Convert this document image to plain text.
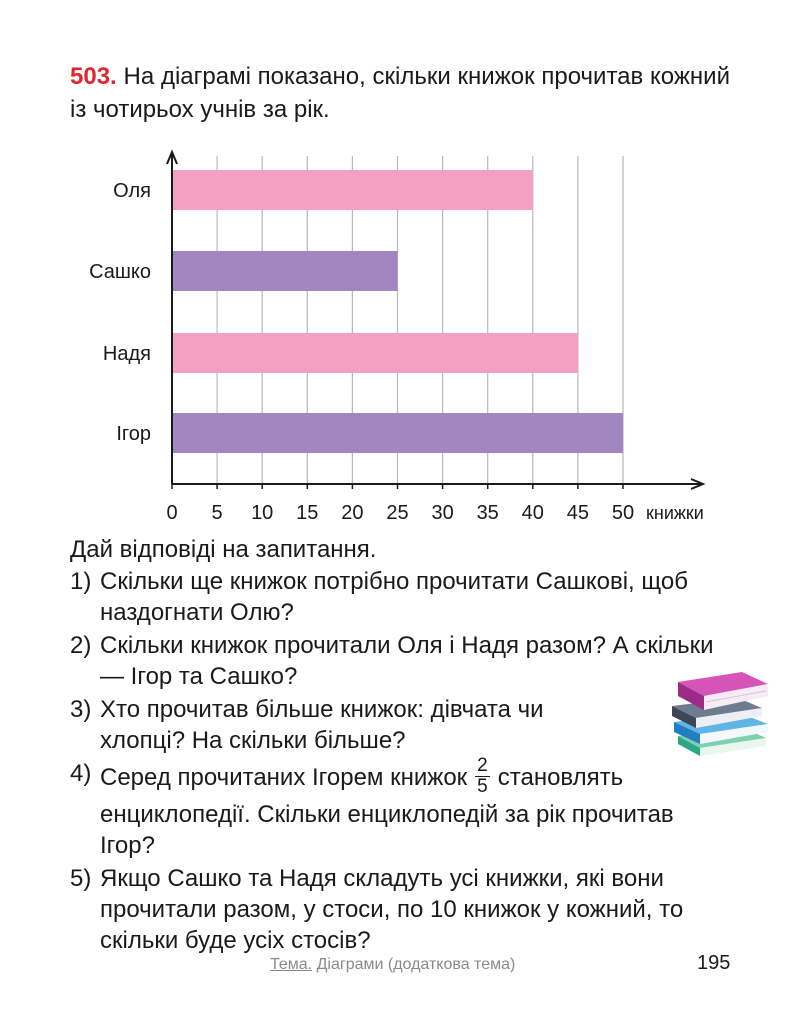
503. На діаграмі показано, скільки книжок прочитав кожний із чотирьох учнів за рік.

Оля
Сашко
Надя
Ігор
0 5 10 15 20 25 30 35 40 45 50 книжки

Дай відповіді на запитання.

1) Скільки ще книжок потрібно прочитати Сашкові, щоб наздогнати Олю?
2) Скільки книжок прочитали Оля і Надя разом? А скільки — Ігор та Сашко?
3) Хто прочитав більше книжок: дівчата чи хлопці? На скільки більше?
4) Серед прочитаних Ігорем книжок $\frac{2}{5}$ становлять енциклопедії. Скільки енциклопедій за рік прочитав Ігор?
5) Якщо Сашко та Надя складуть усі книжки, які вони прочитали разом, у стоси, по 10 книжок у кожний, то скільки буде усіх стосів?
Тема. Діаграми (додаткова тема)	195
